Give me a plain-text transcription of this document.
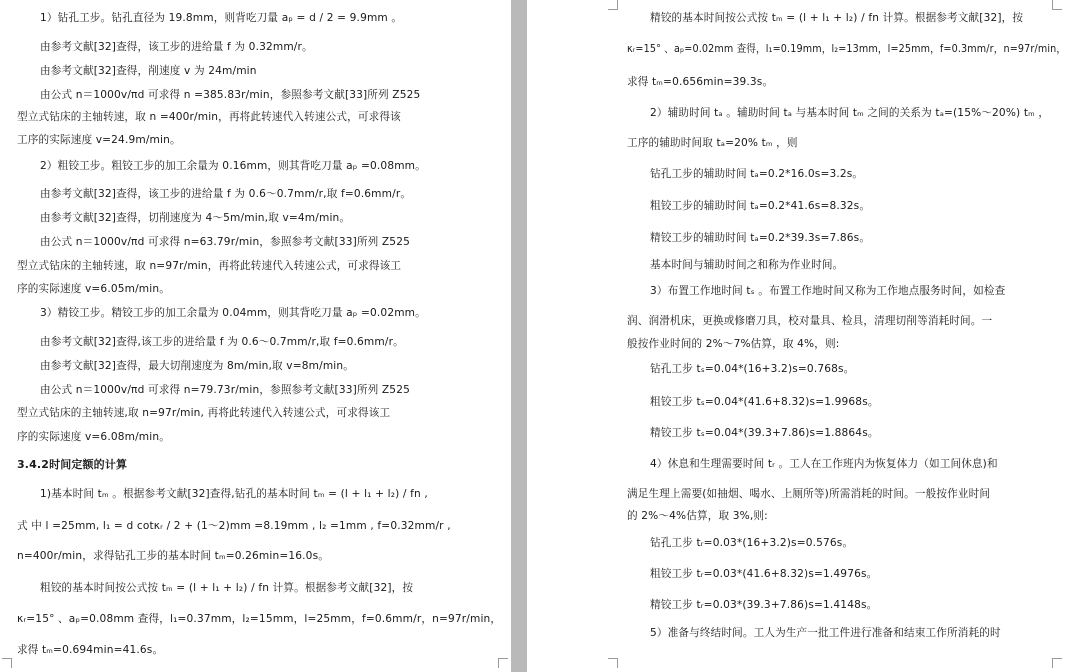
1）钻孔工步。钻孔直径为 19.8mm，则背吃刀量 aₚ = d / 2 = 9.9mm 。
由参考文献[32]查得，该工步的进给量 f 为 0.32mm/r。
由参考文献[32]查得，削速度 v 为 24m/min
由公式 n＝1000v/πd 可求得 n =385.83r/min，参照参考文献[33]所列 Z525
型立式钻床的主轴转速，取 n =400r/min，再将此转速代入转速公式，可求得该
工序的实际速度 v=24.9m/min。
2）粗铰工步。粗铰工步的加工余量为 0.16mm，则其背吃刀量 aₚ =0.08mm。
由参考文献[32]查得，该工步的进给量 f 为 0.6～0.7mm/r,取 f=0.6mm/r。
由参考文献[32]查得，切削速度为 4～5m/min,取 v=4m/min。
由公式 n＝1000v/πd 可求得 n=63.79r/min，参照参考文献[33]所列 Z525
型立式钻床的主轴转速，取 n=97r/min，再将此转速代入转速公式，可求得该工
序的实际速度 v=6.05m/min。
3）精铰工步。精铰工步的加工余量为 0.04mm，则其背吃刀量 aₚ =0.02mm。
由参考文献[32]查得,该工步的进给量 f 为 0.6～0.7mm/r,取 f=0.6mm/r。
由参考文献[32]查得，最大切削速度为 8m/min,取 v=8m/min。
由公式 n＝1000v/πd 可求得 n=79.73r/min，参照参考文献[33]所列 Z525
型立式钻床的主轴转速,取 n=97r/min, 再将此转速代入转速公式，可求得该工
序的实际速度 v=6.08m/min。
3.4.2时间定额的计算
1)基本时间 tₘ 。根据参考文献[32]查得,钻孔的基本时间 tₘ = (l + l₁ + l₂) / fn ,
式 中 l =25mm, l₁ = d cotκᵣ / 2 + (1～2)mm =8.19mm , l₂ =1mm , f=0.32mm/r ,
n=400r/min，求得钻孔工步的基本时间 tₘ=0.26min=16.0s。
粗铰的基本时间按公式按 tₘ = (l + l₁ + l₂) / fn 计算。根据参考文献[32]，按
κᵣ=15° 、aₚ=0.08mm 查得，l₁=0.37mm，l₂=15mm，l=25mm，f=0.6mm/r，n=97r/min，
求得 tₘ=0.694min=41.6s。
精铰的基本时间按公式按 tₘ = (l + l₁ + l₂) / fn 计算。根据参考文献[32]，按
κᵣ=15° 、aₚ=0.02mm 查得，l₁=0.19mm，l₂=13mm，l=25mm，f=0.3mm/r，n=97r/min，
求得 tₘ=0.656min=39.3s。
2）辅助时间 tₐ 。辅助时间 tₐ 与基本时间 tₘ 之间的关系为 tₐ=(15%～20%) tₘ ，
工序的辅助时间取 tₐ=20% tₘ ，则
钻孔工步的辅助时间 tₐ=0.2*16.0s=3.2s。
粗铰工步的辅助时间 tₐ=0.2*41.6s=8.32s。
精铰工步的辅助时间 tₐ=0.2*39.3s=7.86s。
基本时间与辅助时间之和称为作业时间。
3）布置工作地时间 tₛ 。布置工作地时间又称为工作地点服务时间，如检查
润、润滑机床，更换或修磨刀具，校对量具、检具，清理切削等消耗时间。一
般按作业时间的 2%～7%估算，取 4%，则:
钻孔工步 tₛ=0.04*(16+3.2)s=0.768s。
粗铰工步 tₛ=0.04*(41.6+8.32)s=1.9968s。
精铰工步 tₛ=0.04*(39.3+7.86)s=1.8864s。
4）休息和生理需要时间 tᵣ 。工人在工作班内为恢复体力（如工间休息)和
满足生理上需要(如抽烟、喝水、上厕所等)所需消耗的时间。一般按作业时间
的 2%～4%估算，取 3%,则:
钻孔工步 tᵣ=0.03*(16+3.2)s=0.576s。
粗铰工步 tᵣ=0.03*(41.6+8.32)s=1.4976s。
精铰工步 tᵣ=0.03*(39.3+7.86)s=1.4148s。
5）准备与终结时间。工人为生产一批工件进行准备和结束工作所消耗的时
